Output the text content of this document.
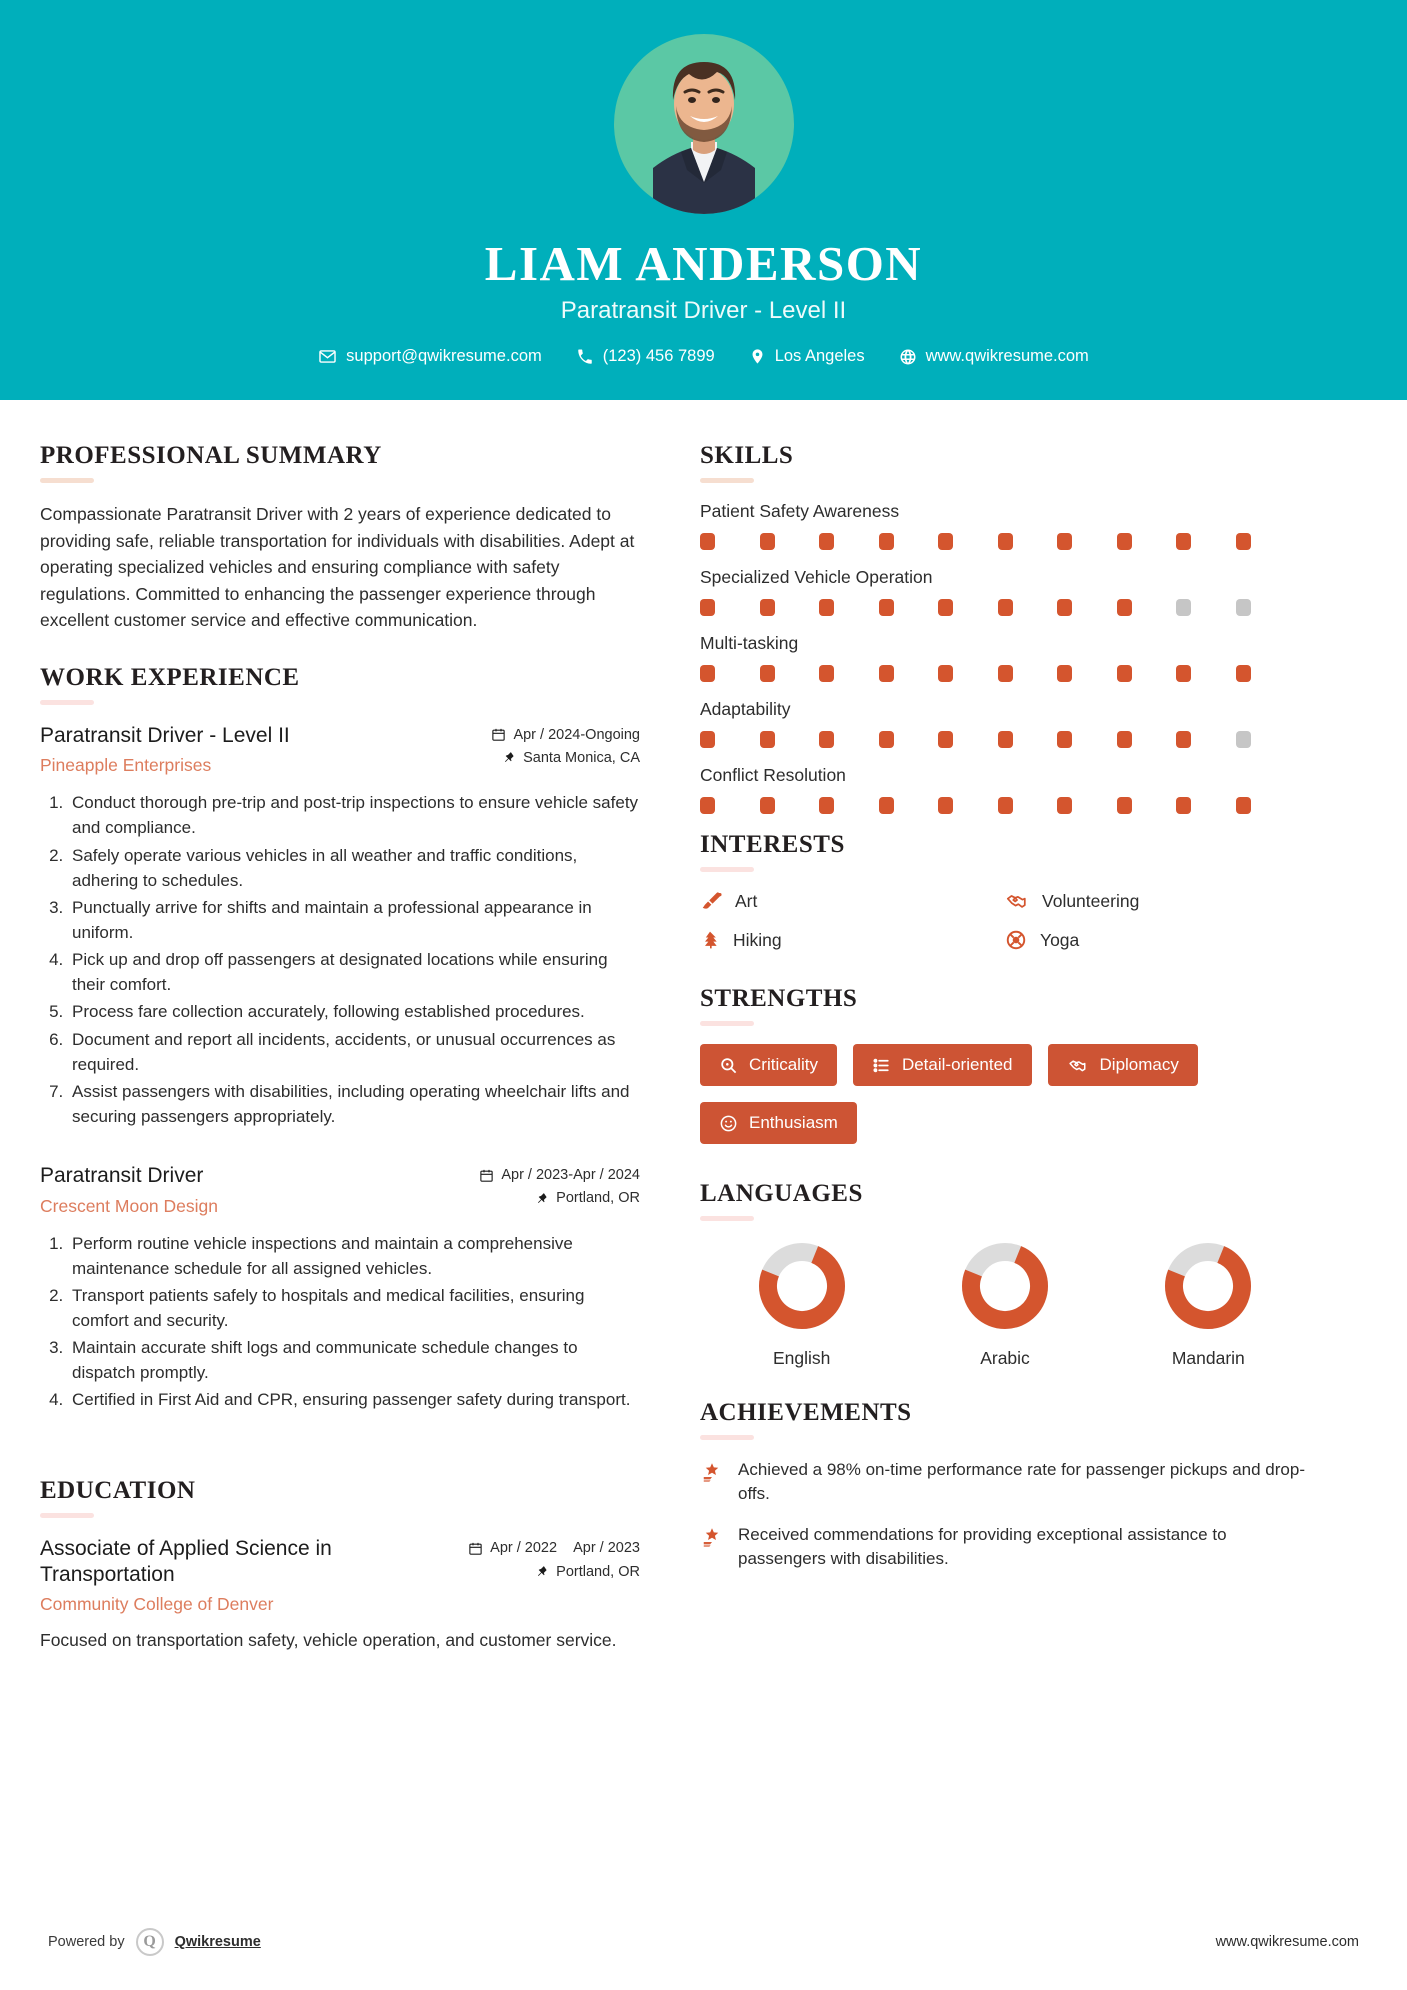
LIAM ANDERSON
Paratransit Driver - Level II
support@qwikresume.com	(123) 456 7899	Los Angeles	www.qwikresume.com
PROFESSIONAL SUMMARY
Compassionate Paratransit Driver with 2 years of experience dedicated to providing safe, reliable transportation for individuals with disabilities. Adept at operating specialized vehicles and ensuring compliance with safety regulations. Committed to enhancing the passenger experience through excellent customer service and effective communication.
WORK EXPERIENCE
Paratransit Driver - Level II
Pineapple Enterprises
Apr / 2024-Ongoing
Santa Monica, CA
1. Conduct thorough pre-trip and post-trip inspections to ensure vehicle safety and compliance.
2. Safely operate various vehicles in all weather and traffic conditions, adhering to schedules.
3. Punctually arrive for shifts and maintain a professional appearance in uniform.
4. Pick up and drop off passengers at designated locations while ensuring their comfort.
5. Process fare collection accurately, following established procedures.
6. Document and report all incidents, accidents, or unusual occurrences as required.
7. Assist passengers with disabilities, including operating wheelchair lifts and securing passengers appropriately.
Paratransit Driver
Crescent Moon Design
Apr / 2023-Apr / 2024
Portland, OR
1. Perform routine vehicle inspections and maintain a comprehensive maintenance schedule for all assigned vehicles.
2. Transport patients safely to hospitals and medical facilities, ensuring comfort and security.
3. Maintain accurate shift logs and communicate schedule changes to dispatch promptly.
4. Certified in First Aid and CPR, ensuring passenger safety during transport.
EDUCATION
Associate of Applied Science in Transportation
Community College of Denver
Apr / 2022 Apr / 2023
Portland, OR
Focused on transportation safety, vehicle operation, and customer service.
SKILLS
Patient Safety Awareness
Specialized Vehicle Operation
Multi-tasking
Adaptability
Conflict Resolution
INTERESTS
Art	Volunteering
Hiking	Yoga
STRENGTHS
Criticality	Detail-oriented	Diplomacy
Enthusiasm
LANGUAGES
English	Arabic	Mandarin
ACHIEVEMENTS
Achieved a 98% on-time performance rate for passenger pickups and drop-offs.
Received commendations for providing exceptional assistance to passengers with disabilities.
Powered by	Q	Qwikresume	www.qwikresume.com
